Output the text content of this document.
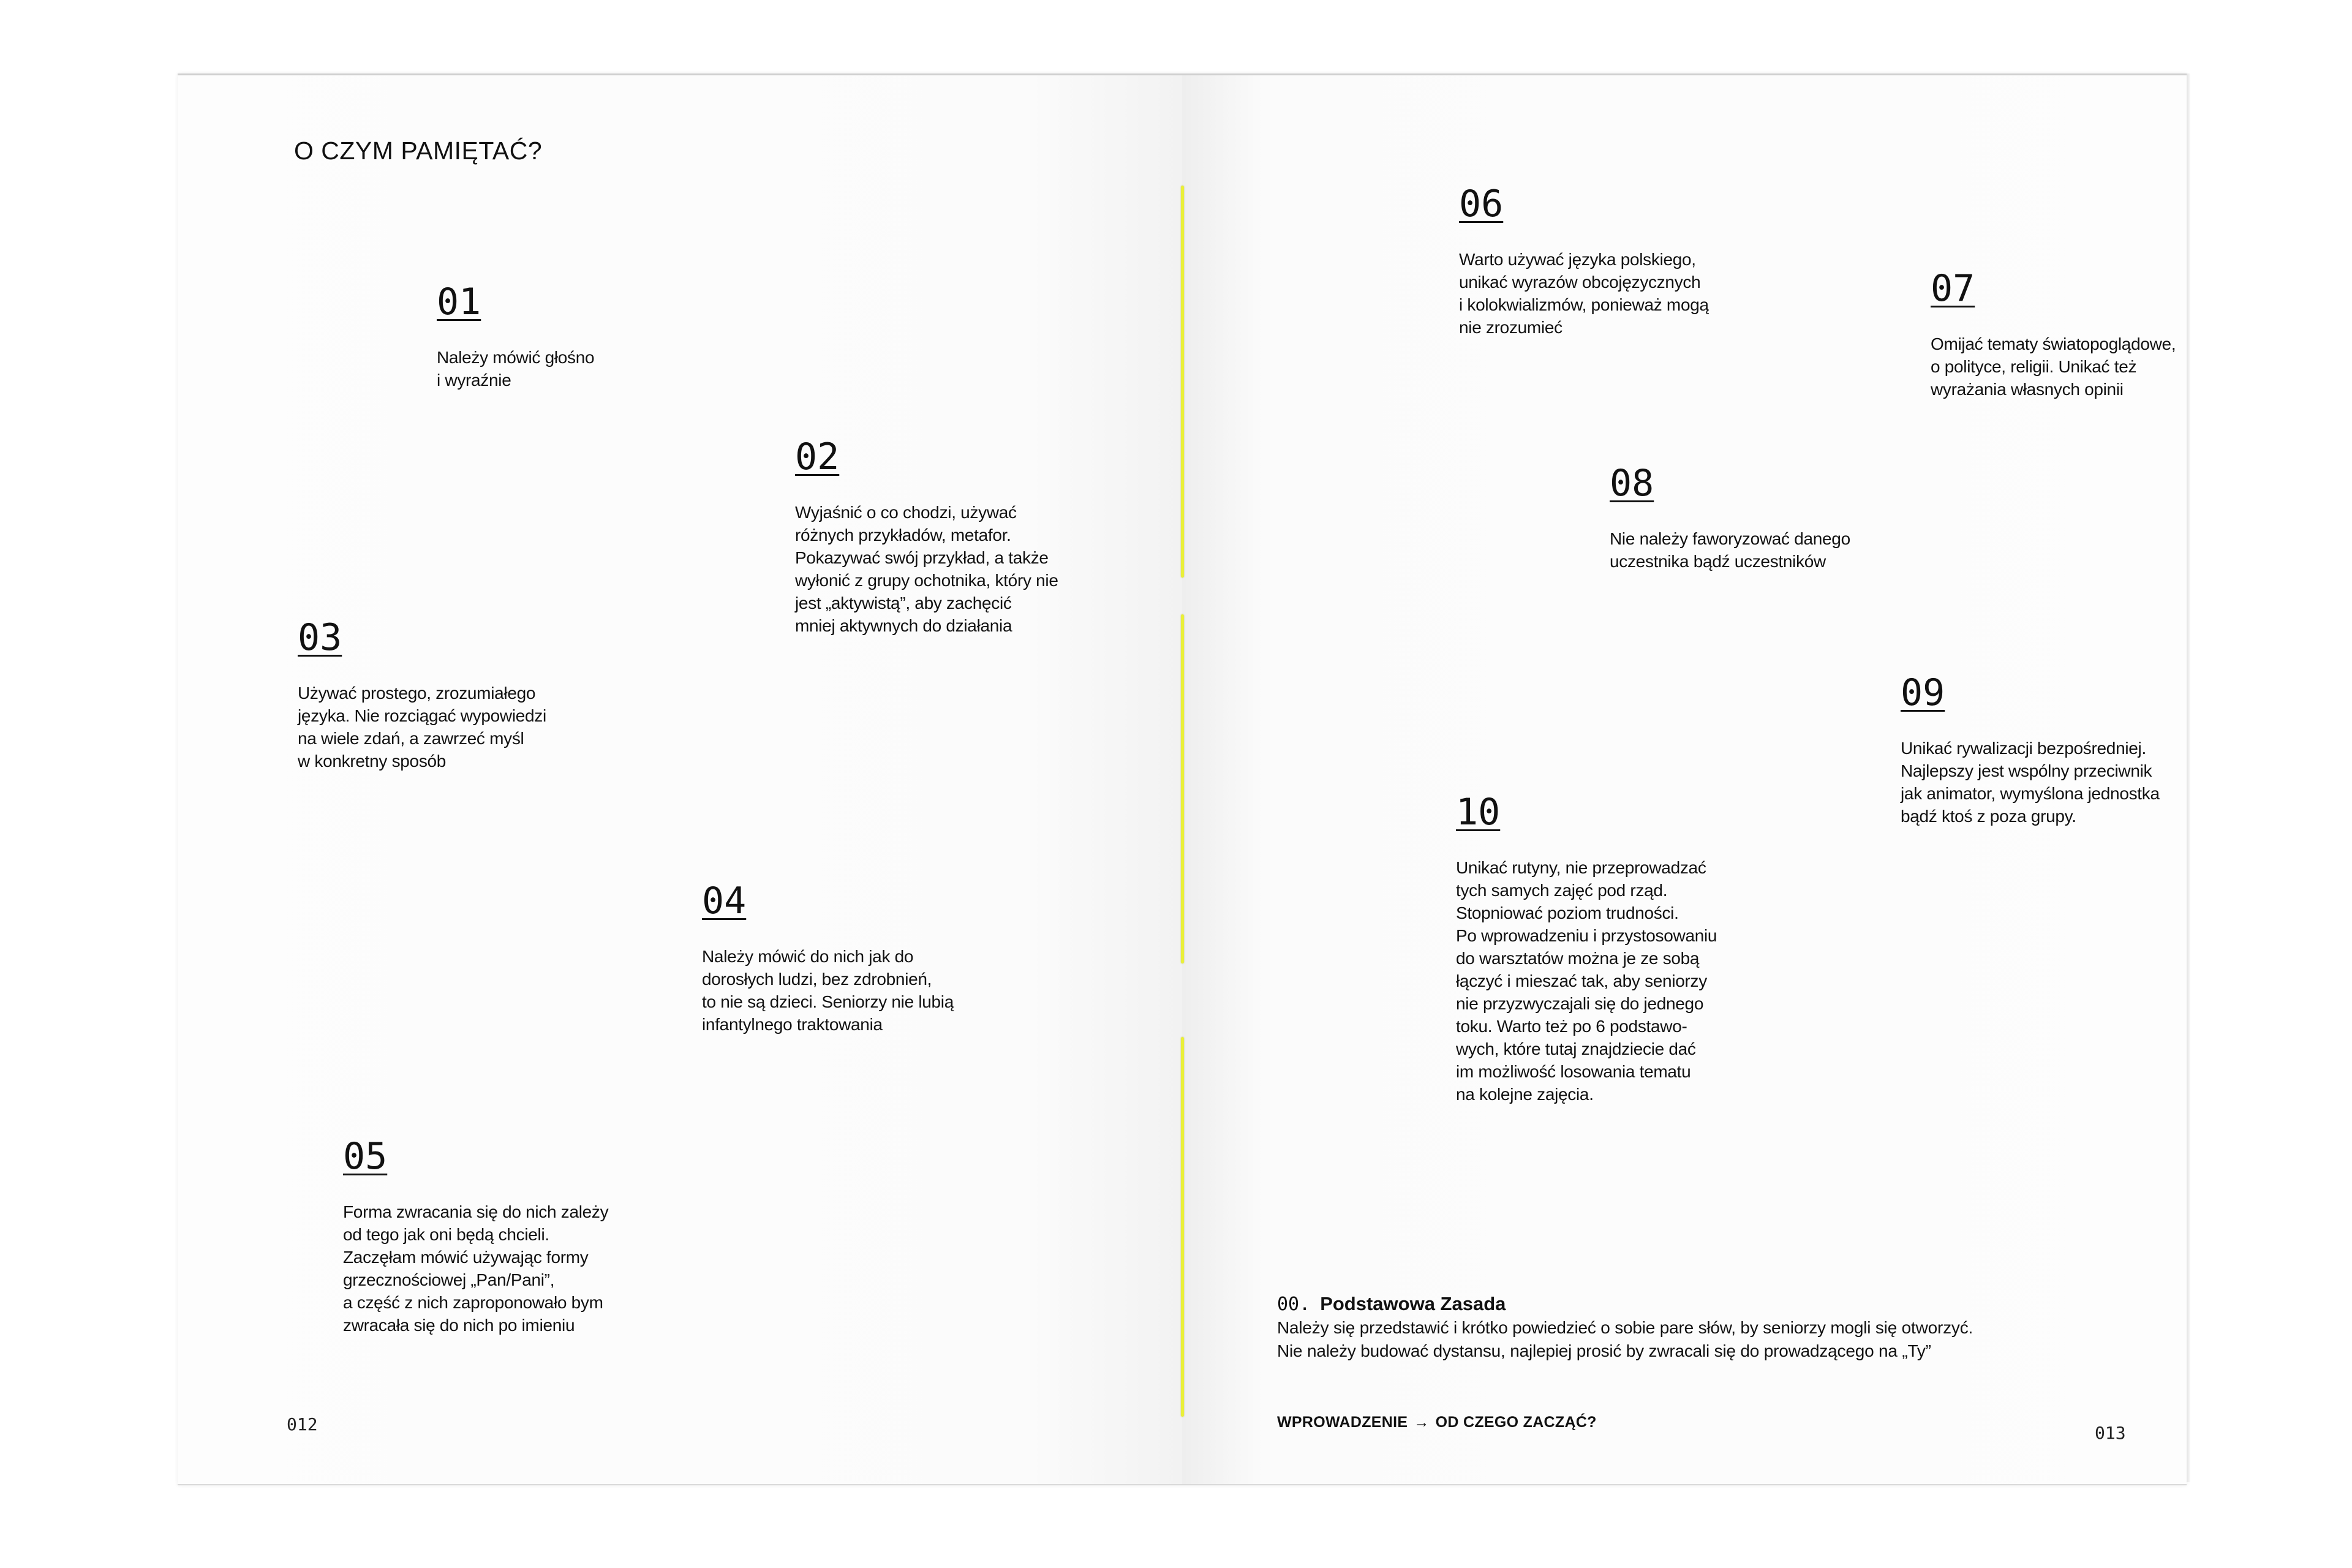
O CZYM PAMIĘTAĆ?
01
Należy mówić głośno
i wyraźnie
02
Wyjaśnić o co chodzi, używać
różnych przykładów, metafor.
Pokazywać swój przykład, a także
wyłonić z grupy ochotnika, który nie
jest „aktywistą”, aby zachęcić
mniej aktywnych do działania
03
Używać prostego, zrozumiałego
języka. Nie rozciągać wypowiedzi
na wiele zdań, a zawrzeć myśl
w konkretny sposób
04
Należy mówić do nich jak do
dorosłych ludzi, bez zdrobnień,
to nie są dzieci. Seniorzy nie lubią
infantylnego traktowania
05
Forma zwracania się do nich zależy
od tego jak oni będą chcieli.
Zaczęłam mówić używając formy
grzecznościowej „Pan/Pani”,
a część z nich zaproponowało bym
zwracała się do nich po imieniu
012
06
Warto używać języka polskiego,
unikać wyrazów obcojęzycznych
i kolokwializmów, ponieważ mogą
nie zrozumieć
07
Omijać tematy światopoglądowe,
o polityce, religii. Unikać też
wyrażania własnych opinii
08
Nie należy faworyzować danego
uczestnika bądź uczestników
09
Unikać rywalizacji bezpośredniej.
Najlepszy jest wspólny przeciwnik
jak animator, wymyślona jednostka
bądź ktoś z poza grupy.
10
Unikać rutyny, nie przeprowadzać
tych samych zajęć pod rząd.
Stopniować poziom trudności.
Po wprowadzeniu i przystosowaniu
do warsztatów można je ze sobą
łączyć i mieszać tak, aby seniorzy
nie przyzwyczajali się do jednego
toku. Warto też po 6 podstawo-
wych, które tutaj znajdziecie dać
im możliwość losowania tematu
na kolejne zajęcia.
013
00. Podstawowa Zasada
Należy się przedstawić i krótko powiedzieć o sobie pare słów, by seniorzy mogli się otworzyć.
Nie należy budować dystansu, najlepiej prosić by zwracali się do prowadzącego na „Ty”
WPROWADZENIE → OD CZEGO ZACZĄĆ?
